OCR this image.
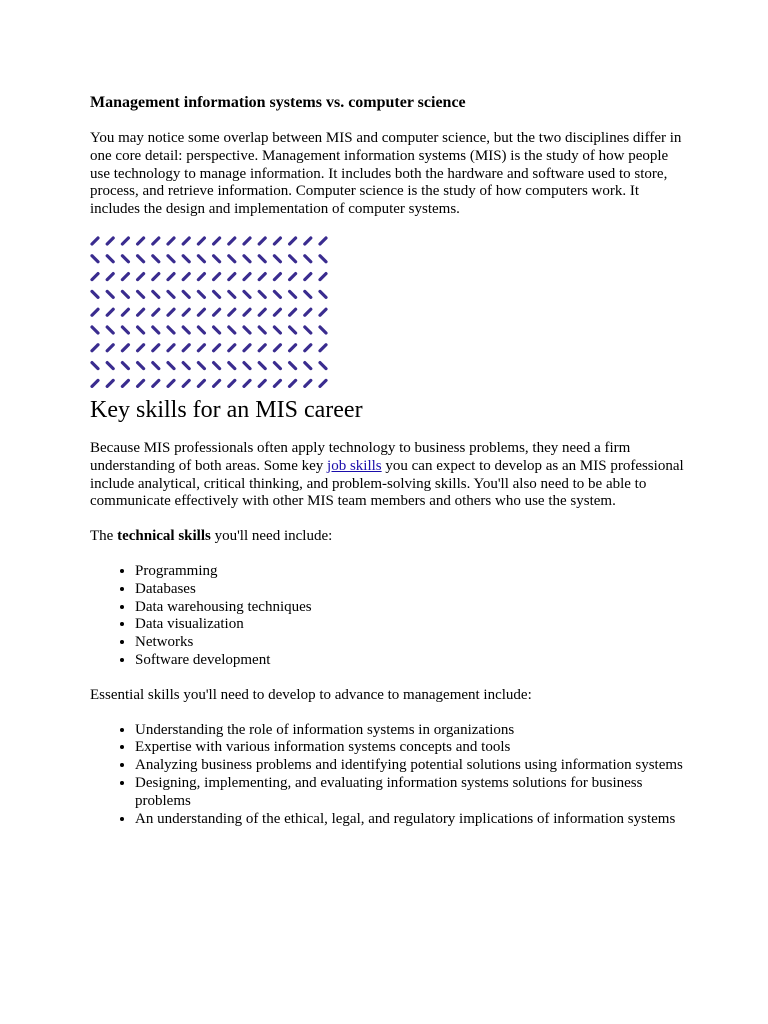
Management information systems vs. computer science

You may notice some overlap between MIS and computer science, but the two disciplines differ in one core detail: perspective. Management information systems (MIS) is the study of how people use technology to manage information. It includes both the hardware and software used to store, process, and retrieve information. Computer science is the study of how computers work. It includes the design and implementation of computer systems.

Key skills for an MIS career

Because MIS professionals often apply technology to business problems, they need a firm understanding of both areas. Some key job skills you can expect to develop as an MIS professional include analytical, critical thinking, and problem-solving skills. You'll also need to be able to communicate effectively with other MIS team members and others who use the system.

The technical skills you'll need include:

• Programming
• Databases
• Data warehousing techniques
• Data visualization
• Networks
• Software development

Essential skills you'll need to develop to advance to management include:

• Understanding the role of information systems in organizations
• Expertise with various information systems concepts and tools
• Analyzing business problems and identifying potential solutions using information systems
• Designing, implementing, and evaluating information systems solutions for business problems
• An understanding of the ethical, legal, and regulatory implications of information systems
